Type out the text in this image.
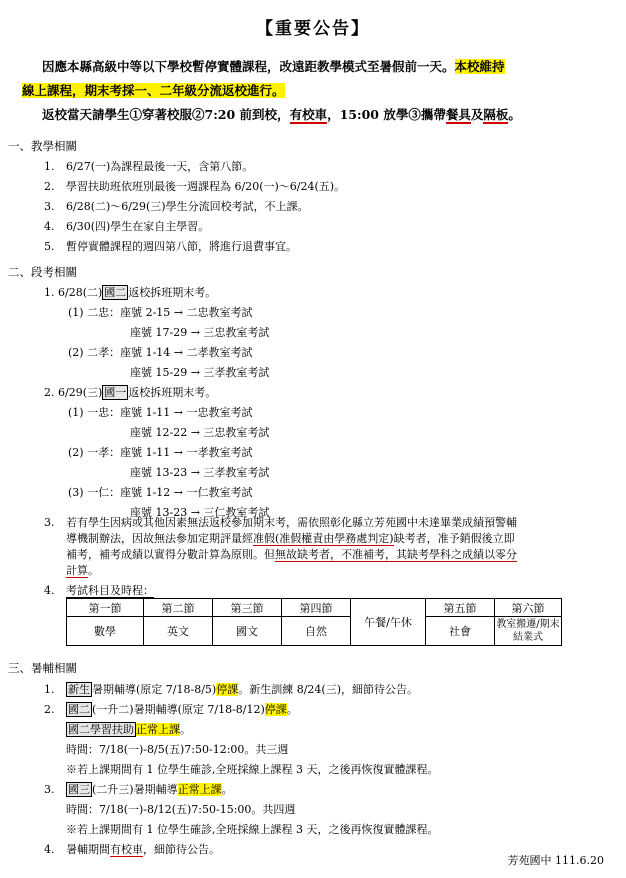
【重要公告】
因應本縣高級中等以下學校暫停實體課程，改遠距教學模式至暑假前一天。本校維持
線上課程，期末考採一、二年級分流返校進行。
返校當天請學生①穿著校服②7:20 前到校，有校車，15:00 放學③攜帶餐具及隔板。
一、教學相關
1. 6/27(一)為課程最後一天，含第八節。
2. 學習扶助班依班別最後一週課程為 6/20(一)～6/24(五)。
3. 6/28(二)～6/29(三)學生分流回校考試，不上課。
4. 6/30(四)學生在家自主學習。
5. 暫停實體課程的週四第八節，將進行退費事宜。
二、段考相關
1. 6/28(二) 國二 返校拆班期末考。
(1) 二忠：座號 2-15 → 二忠教室考試
座號 17-29 → 三忠教室考試
(2) 二孝：座號 1-14 → 二孝教室考試
座號 15-29 → 三孝教室考試
2. 6/29(三) 國一 返校拆班期末考。
(1) 一忠：座號 1-11 → 一忠教室考試
座號 12-22 → 三忠教室考試
(2) 一孝：座號 1-11 → 一孝教室考試
座號 13-23 → 三孝教室考試
(3) 一仁：座號 1-12 → 一仁教室考試
座號 13-23 → 三仁教室考試
3. 若有學生因病或其他因素無法返校參加期末考，需依照彰化縣立芳苑國中未達畢業成績預警輔
導機制辦法，因故無法參加定期評量經准假(准假權責由學務處判定)缺考者，准予銷假後立即
補考，補考成績以實得分數計算為原則。但無故缺考者，不准補考，其缺考學科之成績以零分
計算。
4. 考試科目及時程：
第一節	第二節	第三節	第四節	午餐/午休	第五節	第六節
數學	英文	國文	自然		社會	教室搬遷/期末結業式
三、暑輔相關
1. 新生 暑期輔導(原定 7/18-8/5)停課。新生訓練 8/24(三)，細節待公告。
2. 國二 (一升二)暑期輔導(原定 7/18-8/12)停課。
國二學習扶助 正常上課。
時間：7/18(一)-8/5(五)7:50-12:00。共三週
※若上課期間有 1 位學生確診,全班採線上課程 3 天，之後再恢復實體課程。
3. 國三 (二升三)暑期輔導正常上課。
時間：7/18(一)-8/12(五)7:50-15:00。共四週
※若上課期間有 1 位學生確診,全班採線上課程 3 天，之後再恢復實體課程。
4. 暑輔期間有校車，細節待公告。
芳苑國中 111.6.20
